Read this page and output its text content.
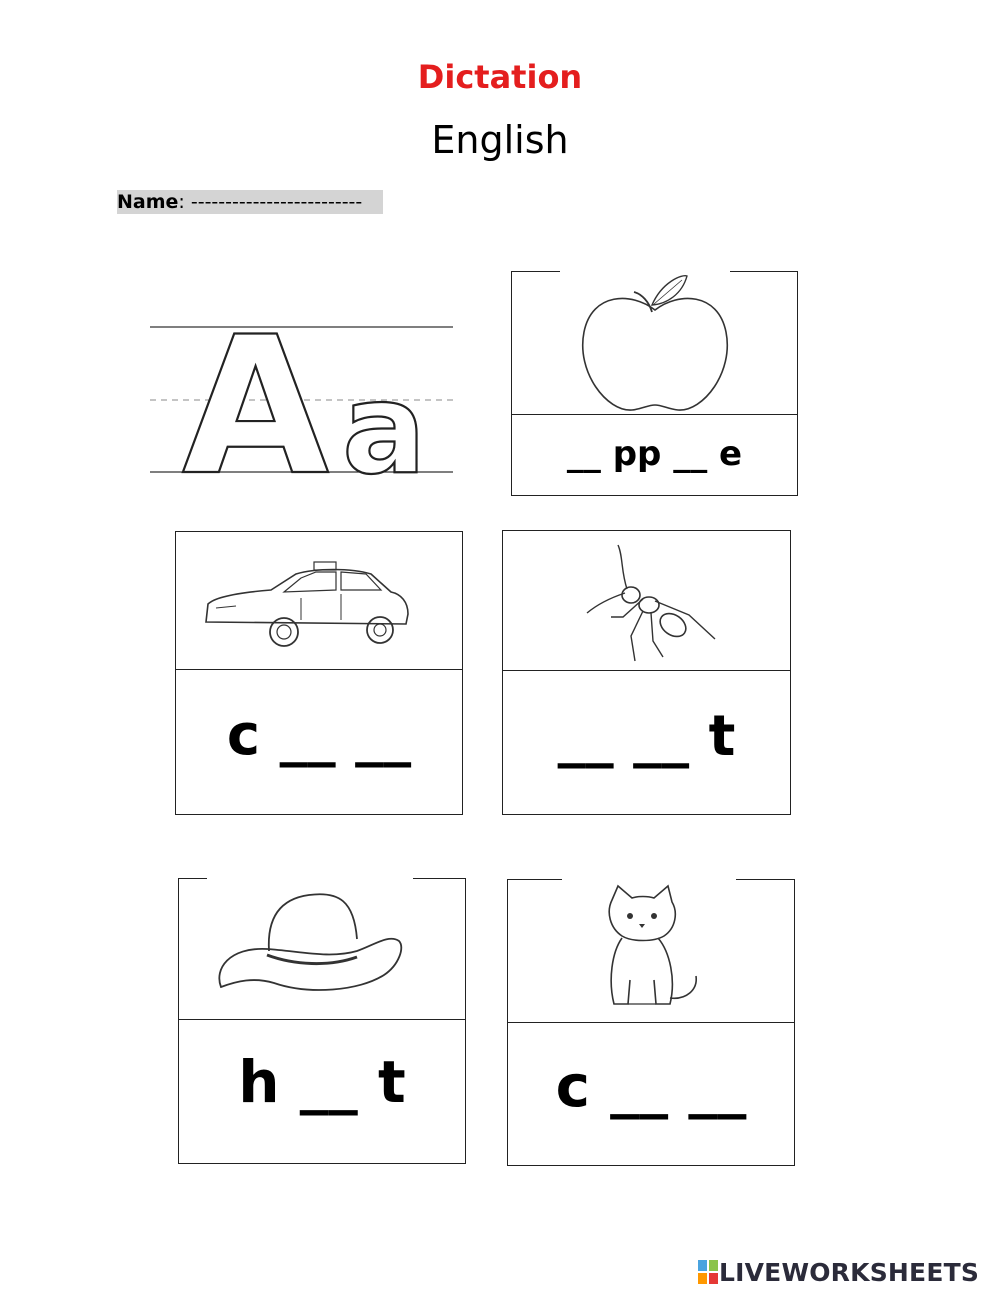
Dictation
English
Name: -------------------------
A a	__ pp __ e
c __ __	__ __ t
h __ t	c __ __
LIVEWORKSHEETS
